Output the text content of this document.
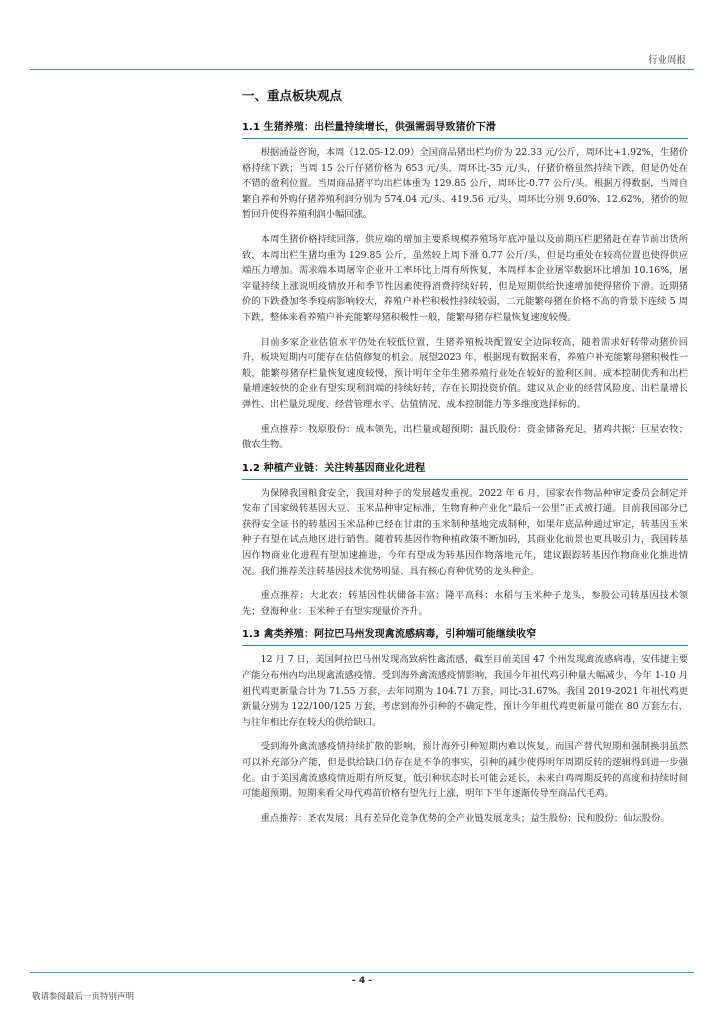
行业周报
一、重点板块观点
1.1 生猪养殖：出栏量持续增长，供强需弱导致猪价下滑

根据涌益咨询，本周（12.05-12.09）全国商品猪出栏均价为 22.33 元/公斤，周环比+1.92%，生猪价格持续下跌；当周 15 公斤仔猪价格为 653 元/头，周环比-35 元/头，仔猪价格虽然持续下跌，但是仍处在不错的盈利位置。当周商品猪平均出栏体重为 129.85 公斤，周环比-0.77 公斤/头。根据万得数据，当周自繁自养和外购仔猪养殖利润分别为 574.04 元/头、419.56 元/头，周环比分别 9.60%、12.62%，猪价的短暂回升使得养殖利润小幅回涨。

本周生猪价格持续回落，供应端的增加主要系规模养殖场年底冲量以及前期压栏肥猪赶在春节前出货所致，本周出栏生猪均重为 129.85 公斤，虽然较上周下滑 0.77 公斤/头，但是均重处在较高位置也使得供应端压力增加。需求端本周屠宰企业开工率环比上周有所恢复，本周样本企业屠宰数据环比增加 10.16%，屠宰量持续上涨说明疫情放开和季节性因素使得消费持续好转，但是短期供给快速增加使得猪价下滑。近期猪价的下跌叠加冬季疫病影响较大，养殖户补栏积极性持续较弱，二元能繁母猪在价格不高的背景下连续 5 周下跌，整体来看养殖户补充能繁母猪积极性一般，能繁母猪存栏量恢复速度较慢。

目前多家企业估值水平仍处在较低位置，生猪养殖板块配置安全边际较高，随着需求好转带动猪价回升，板块短期内可能存在估值修复的机会。展望2023 年，根据现有数据来看，养殖户补充能繁母猪积极性一般，能繁母猪存栏量恢复速度较慢，预计明年全年生猪养殖行业处在较好的盈利区间。成本控制优秀和出栏量增速较快的企业有望实现利润端的持续好转，存在长期投资价值。建议从企业的经营风险度、出栏量增长弹性、出栏量兑现度、经营管理水平、估值情况、成本控制能力等多维度选择标的。

重点推荐：牧原股份：成本领先，出栏量或超预期；温氏股份：资金储备充足，猪鸡共振；巨星农牧；傲农生物。

1.2 种植产业链：关注转基因商业化进程

为保障我国粮食安全，我国对种子的发展越发重视。2022 年 6 月，国家农作物品种审定委员会制定并发布了国家级转基因大豆、玉米品种审定标准，生物育种产业化“最后一公里”正式被打通。目前我国部分已获得安全证书的转基因玉米品种已经在甘肃的玉米制种基地完成制种，如果年底品种通过审定，转基因玉米种子有望在试点地区进行销售。随着转基因作物种植政策不断加码，其商业化前景也更具吸引力，我国转基因作物商业化进程有望加速推进，今年有望成为转基因作物落地元年，建议跟踪转基因作物商业化推进情况。我们推荐关注转基因技术优势明显、具有核心育种优势的龙头种企。

重点推荐：大北农：转基因性状储备丰富；隆平高科：水稻与玉米种子龙头，参股公司转基因技术领先；登海种业：玉米种子有望实现量价齐升。

1.3 禽类养殖：阿拉巴马州发现禽流感病毒，引种端可能继续收窄

12 月 7 日，美国阿拉巴马州发现高致病性禽流感，截至目前美国 47 个州发现禽流感病毒，安伟捷主要产能分布州内均出现禽流感疫情。受到海外禽流感疫情影响，我国今年祖代鸡引种量大幅减少，今年 1-10 月祖代鸡更新量合计为 71.55 万套，去年同期为 104.71 万套，同比-31.67%。我国 2019-2021 年祖代鸡更新量分别为 122/100/125 万套，考虑到海外引种的不确定性，预计今年祖代鸡更新量可能在 80 万套左右，与往年相比存在较大的供给缺口。

受到海外禽流感疫情持续扩散的影响，预计海外引种短期内难以恢复，而国产替代短期和强制换羽虽然可以补充部分产能，但是供给缺口仍存在是不争的事实，引种的减少使得明年周期反转的逻辑得到进一步强化。由于美国禽流感疫情近期有所反复，低引种状态时长可能会延长，未来白鸡周期反转的高度和持续时间可能超预期。短期来看父母代鸡苗价格有望先行上涨，明年下半年逐渐传导至商品代毛鸡。

重点推荐：圣农发展：具有差异化竞争优势的全产业链发展龙头；益生股份；民和股份；仙坛股份。

- 4 -
敬请参阅最后一页特别声明
